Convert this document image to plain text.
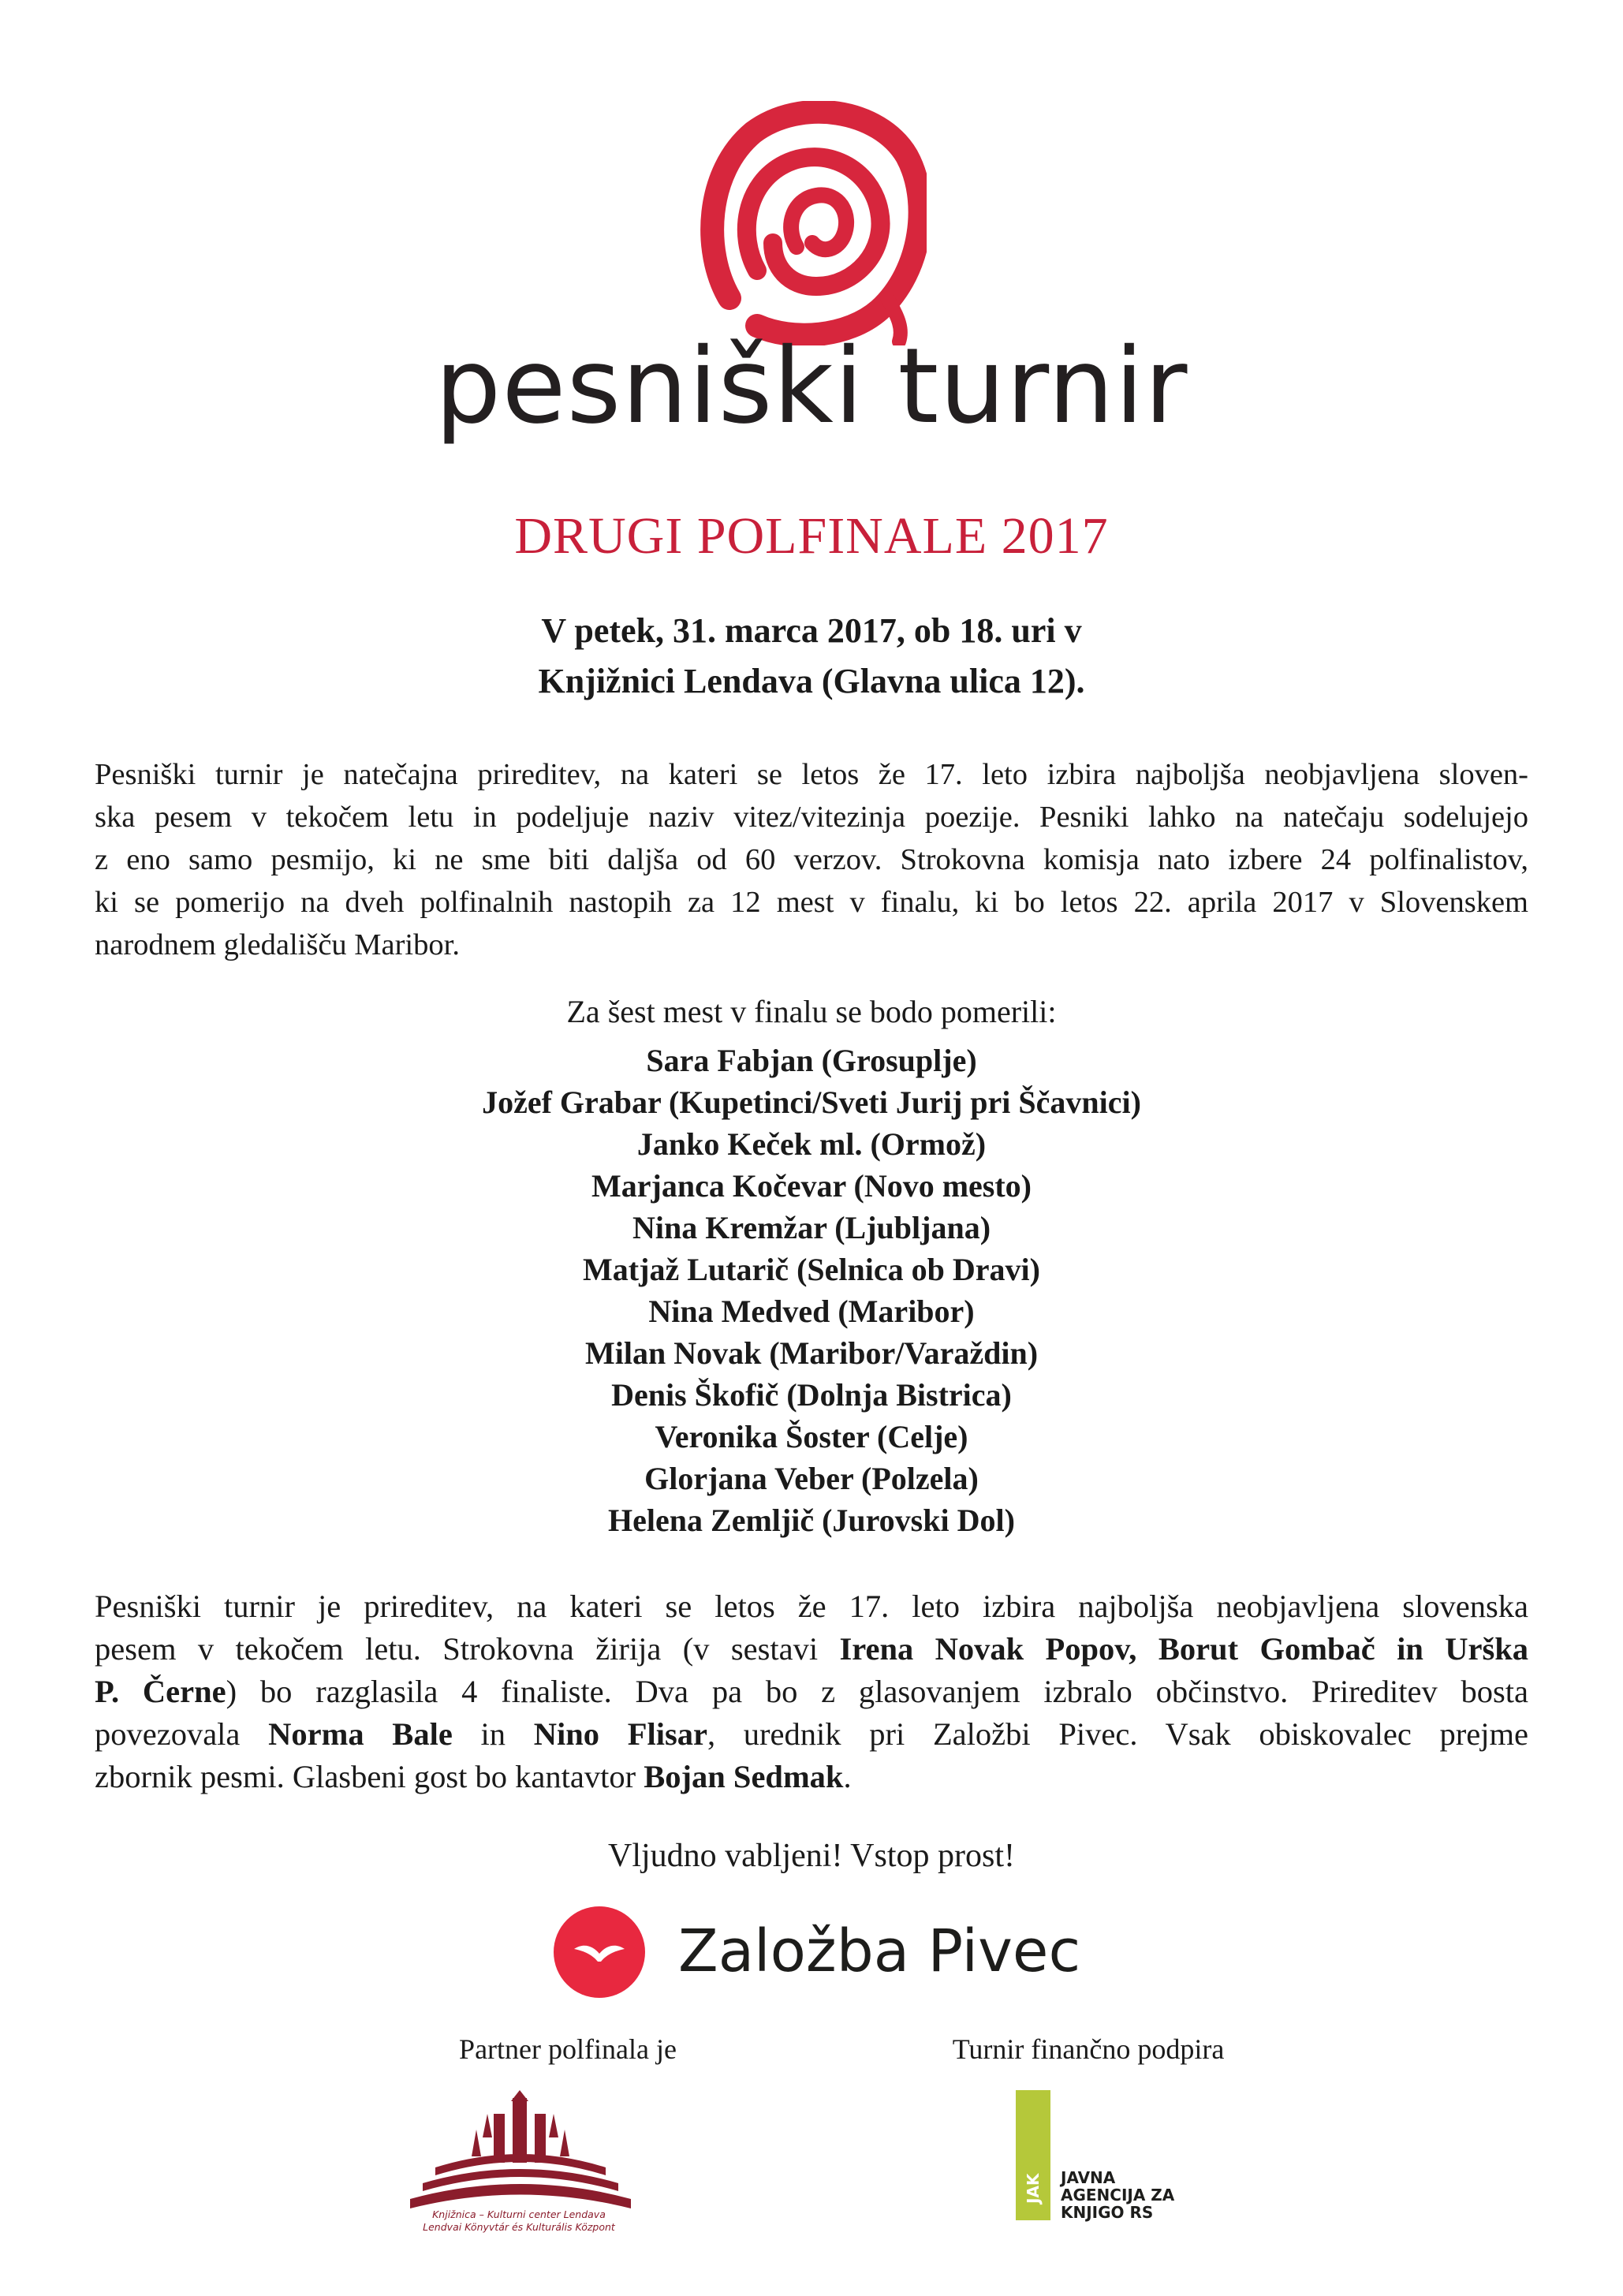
pesniški turnir
DRUGI POLFINALE 2017
V petek, 31. marca 2017, ob 18. uri v
Knjižnici Lendava (Glavna ulica 12).
Pesniški turnir je natečajna prireditev, na kateri se letos že 17. leto izbira najboljša neobjavljena sloven-
ska pesem v tekočem letu in podeljuje naziv vitez/vitezinja poezije. Pesniki lahko na natečaju sodelujejo
z eno samo pesmijo, ki ne sme biti daljša od 60 verzov. Strokovna komisja nato izbere 24 polfinalistov,
ki se pomerijo na dveh polfinalnih nastopih za 12 mest v finalu, ki bo letos 22. aprila 2017 v Slovenskem
narodnem gledališču Maribor.
Za šest mest v finalu se bodo pomerili:
Sara Fabjan (Grosuplje)
Jožef Grabar (Kupetinci/Sveti Jurij pri Ščavnici)
Janko Keček ml. (Ormož)
Marjanca Kočevar (Novo mesto)
Nina Kremžar (Ljubljana)
Matjaž Lutarič (Selnica ob Dravi)
Nina Medved (Maribor)
Milan Novak (Maribor/Varaždin)
Denis Škofič (Dolnja Bistrica)
Veronika Šoster (Celje)
Glorjana Veber (Polzela)
Helena Zemljič (Jurovski Dol)
Pesniški turnir je prireditev, na kateri se letos že 17. leto izbira najboljša neobjavljena slovenska
pesem v tekočem letu. Strokovna žirija (v sestavi Irena Novak Popov, Borut Gombač in Urška
P. Černe) bo razglasila 4 finaliste. Dva pa bo z glasovanjem izbralo občinstvo. Prireditev bosta
povezovala Norma Bale in Nino Flisar, urednik pri Založbi Pivec. Vsak obiskovalec prejme
zbornik pesmi. Glasbeni gost bo kantavtor Bojan Sedmak.
Vljudno vabljeni! Vstop prost!
Založba Pivec
Partner polfinala je	Turnir finančno podpira
Knjižnica – Kulturni center Lendava
Lendvai Könyvtár és Kulturális Központ
JAK	JAVNA
AGENCIJA ZA
KNJIGO RS
